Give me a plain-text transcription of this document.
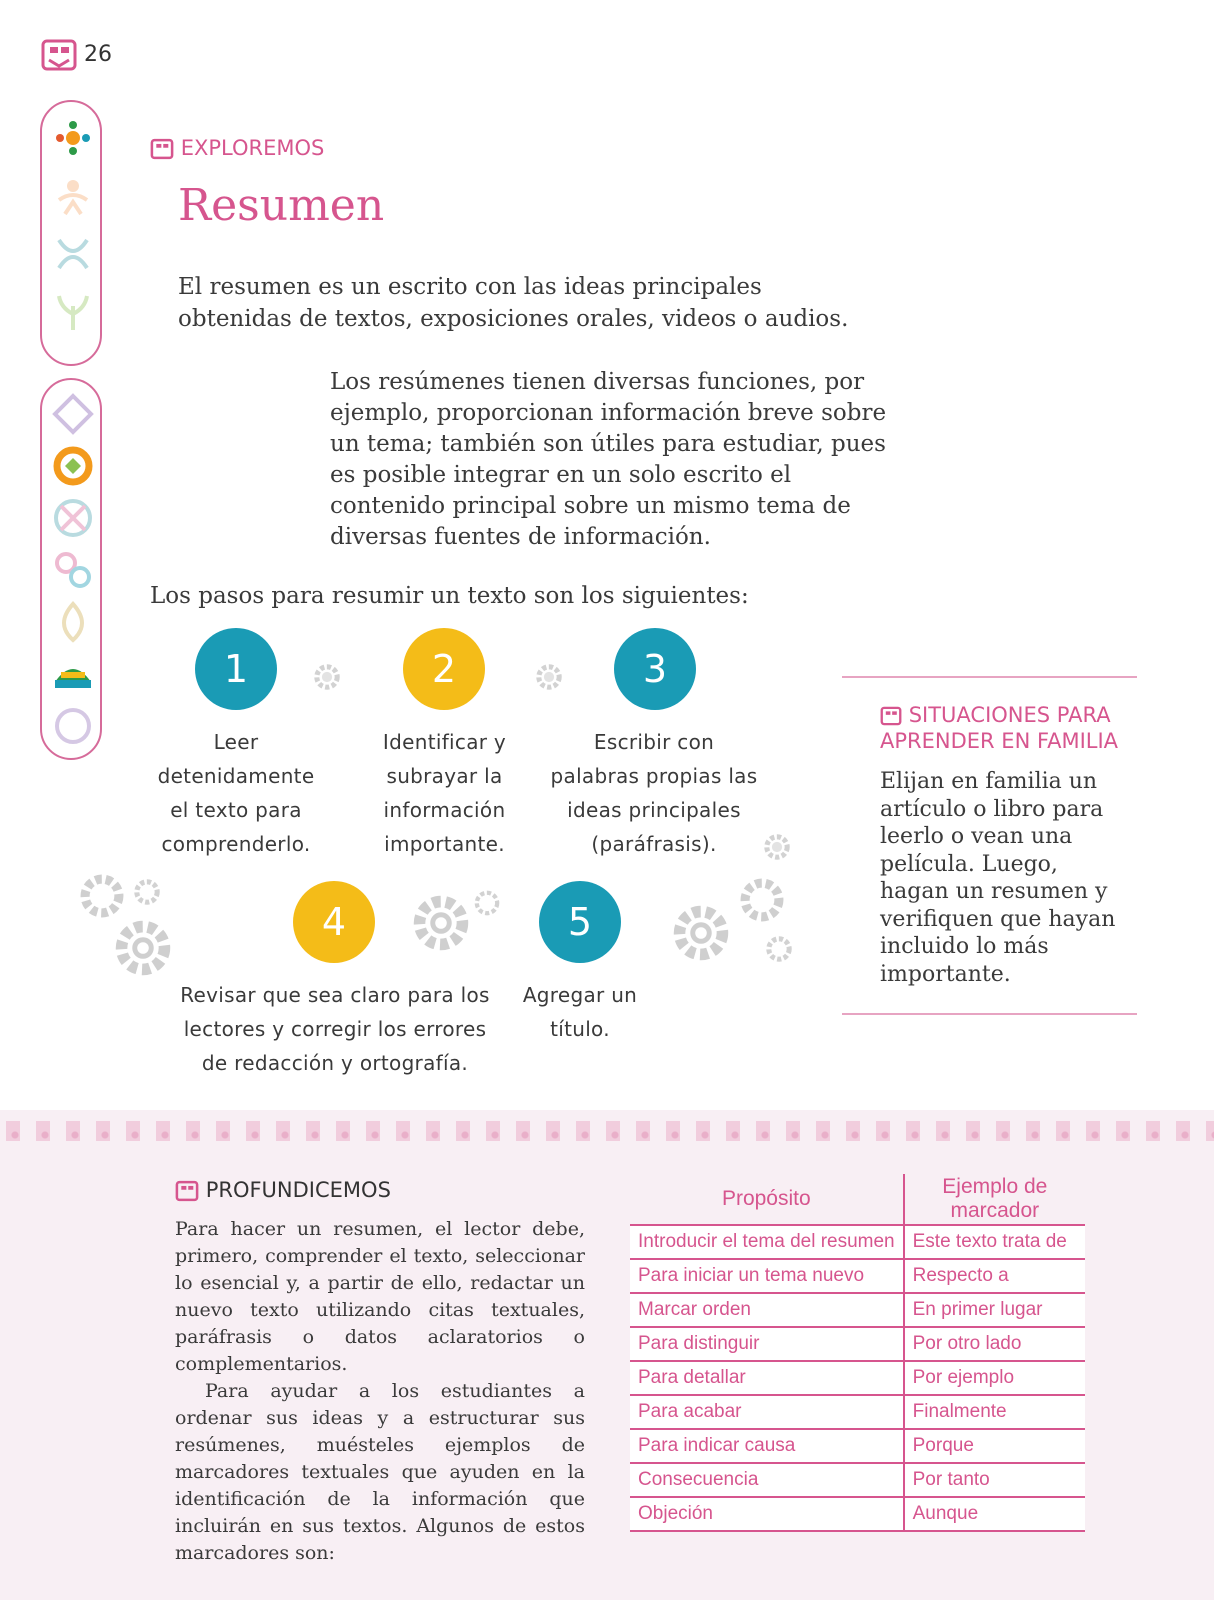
26
EXPLOREMOS
Resumen
El resumen es un escrito con las ideas principales obtenidas de textos, exposiciones orales, videos o audios.
Los resúmenes tienen diversas funciones, por ejemplo, proporcionan información breve sobre un tema; también son útiles para estudiar, pues es posible integrar en un solo escrito el contenido principal sobre un mismo tema de diversas fuentes de información.
Los pasos para resumir un texto son los siguientes:
1
Leer detenidamente el texto para comprenderlo.
2
Identificar y subrayar la información importante.
3
Escribir con palabras propias las ideas principales (paráfrasis).
4
Revisar que sea claro para los lectores y corregir los errores de redacción y ortografía.
5
Agregar un título.
SITUACIONES PARA APRENDER EN FAMILIA
Elijan en familia un artículo o libro para leerlo o vean una película. Luego, hagan un resumen y verifiquen que hayan incluido lo más importante.
PROFUNDICEMOS

Para hacer un resumen, el lector debe, primero, comprender el texto, seleccionar lo esencial y, a partir de ello, redactar un nuevo texto utilizando citas textuales, paráfrasis o datos aclaratorios o complementarios.

Para ayudar a los estudiantes a ordenar sus ideas y a estructurar sus resúmenes, muésteles ejemplos de marcadores textuales que ayuden en la identificación de la información que incluirán en sus textos. Algunos de estos marcadores son:

Propósito	Ejemplo de marcador
Introducir el tema del resumen	Este texto trata de
Para iniciar un tema nuevo	Respecto a
Marcar orden	En primer lugar
Para distinguir	Por otro lado
Para detallar	Por ejemplo
Para acabar	Finalmente
Para indicar causa	Porque
Consecuencia	Por tanto
Objeción	Aunque
